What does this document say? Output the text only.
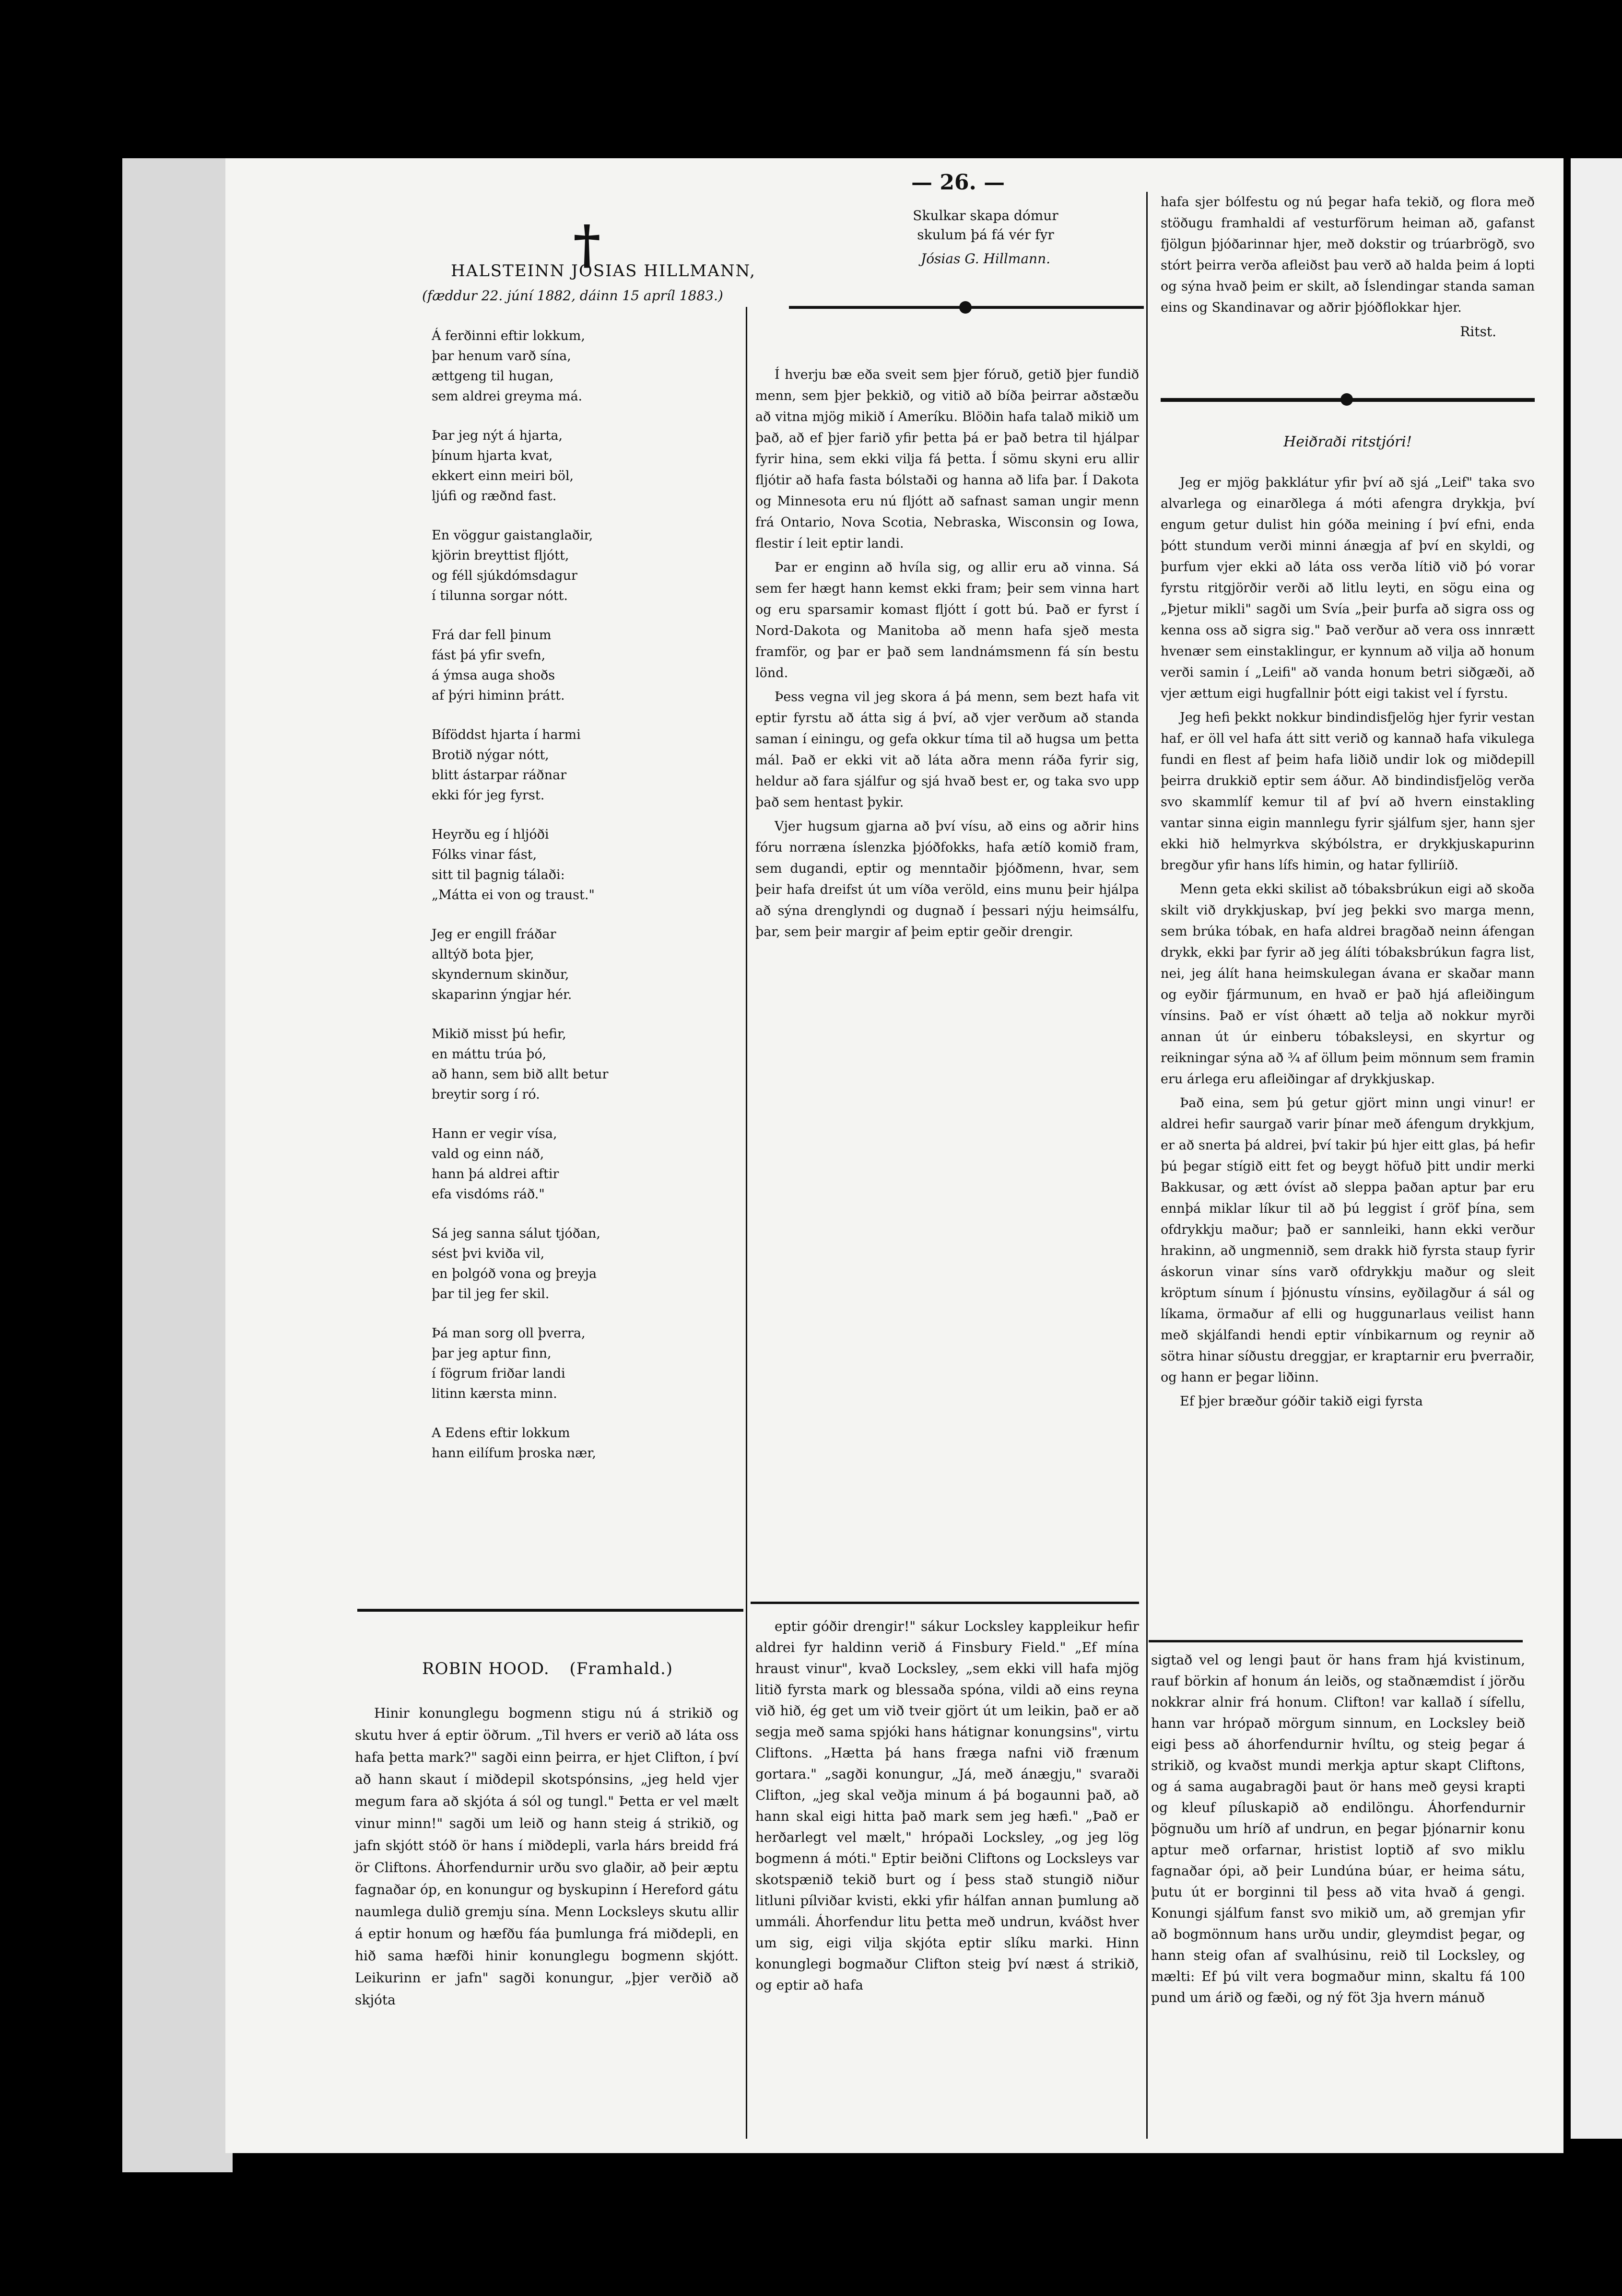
— 26. —
†
HALSTEINN JÓSIAS HILLMANN,
(fæddur 22. júní 1882, dáinn 15 apríl 1883.)
Á ferðinni eftir lokkum,
þar henum varð sína,
ættgeng til hugan,
sem aldrei greyma má.
Þar jeg nýt á hjarta,
þínum hjarta kvat,
ekkert einn meiri böl,
ljúfi og ræðnd fast.
En vöggur gaistanglaðir,
kjörin breyttist fljótt,
og féll sjúkdómsdagur
í tilunna sorgar nótt.
Frá dar fell þinum
fást þá yfir svefn,
á ýmsa auga shoðs
af þýri himinn þrátt.
Bíföddst hjarta í harmi
Brotið nýgar nótt,
blitt ástarpar ráðnar
ekki fór jeg fyrst.
Heyrðu eg í hljóði
Fólks vinar fást,
sitt til þagnig tálaði:
„Mátta ei von og traust."
Jeg er engill fráðar
alltýð bota þjer,
skyndernum skinður,
skaparinn ýngjar hér.
Mikið misst þú hefir,
en máttu trúa þó,
að hann, sem bið allt betur
breytir sorg í ró.
Hann er vegir vísa,
vald og einn náð,
hann þá aldrei aftir
efa visdóms ráð."
Sá jeg sanna sálut tjóðan,
sést þvi kviða vil,
en þolgóð vona og þreyja
þar til jeg fer skil.
Þá man sorg oll þverra,
þar jeg aptur finn,
í fögrum friðar landi
litinn kærsta minn.
A Edens eftir lokkum
hann eilífum þroska nær,
ROBIN HOOD. (Framhald.)

Hinir konunglegu bogmenn stigu nú á strikið og skutu hver á eptir öðrum. „Til hvers er verið að láta oss hafa þetta mark?" sagði einn þeirra, er hjet Clifton, í því að hann skaut í miðdepil skotspónsins, „jeg held vjer megum fara að skjóta á sól og tungl." Þetta er vel mælt vinur minn!" sagði um leið og hann steig á strikið, og jafn skjótt stóð ör hans í miðdepli, varla hárs breidd frá ör Cliftons. Áhorfendurnir urðu svo glaðir, að þeir æptu fagnaðar óp, en konungur og byskupinn í Hereford gátu naumlega dulið gremju sína. Menn Locksleys skutu allir á eptir honum og hæfðu fáa þumlunga frá miðdepli, en hið sama hæfði hinir konunglegu bogmenn skjótt. Leikurinn er jafn" sagði konungur, „þjer verðið að skjóta

Skulkar skapa dómur
skulum þá fá vér fyr
Jósias G. Hillmann.

Í hverju bæ eða sveit sem þjer fóruð, getið þjer fundið menn, sem þjer þekkið, og vitið að bíða þeirrar aðstæðu að vitna mjög mikið í Ameríku. Blöðin hafa talað mikið um það, að ef þjer farið yfir þetta þá er það betra til hjálpar fyrir hina, sem ekki vilja fá þetta. Í sömu skyni eru allir fljótir að hafa fasta bólstaði og hanna að lifa þar. Í Dakota og Minnesota eru nú fljótt að safnast saman ungir menn frá Ontario, Nova Scotia, Nebraska, Wisconsin og Iowa, flestir í leit eptir landi.

Þar er enginn að hvíla sig, og allir eru að vinna. Sá sem fer hægt hann kemst ekki fram; þeir sem vinna hart og eru sparsamir komast fljótt í gott bú. Það er fyrst í Nord-Dakota og Manitoba að menn hafa sjeð mesta framför, og þar er það sem landnámsmenn fá sín bestu lönd.

Þess vegna vil jeg skora á þá menn, sem bezt hafa vit eptir fyrstu að átta sig á því, að vjer verðum að standa saman í einingu, og gefa okkur tíma til að hugsa um þetta mál. Það er ekki vit að láta aðra menn ráða fyrir sig, heldur að fara sjálfur og sjá hvað best er, og taka svo upp það sem hentast þykir.

Vjer hugsum gjarna að því vísu, að eins og aðrir hins fóru norræna íslenzka þjóðfokks, hafa ætíð komið fram, sem dugandi, eptir og menntaðir þjóðmenn, hvar, sem þeir hafa dreifst út um víða veröld, eins munu þeir hjálpa að sýna drenglyndi og dugnað í þessari nýju heimsálfu, þar, sem þeir margir af þeim eptir geðir drengir.

eptir góðir drengir!" sákur Locksley kappleikur hefir aldrei fyr haldinn verið á Finsbury Field." „Ef mína hraust vinur", kvað Locksley, „sem ekki vill hafa mjög litið fyrsta mark og blessaða spóna, vildi að eins reyna við hið, ég get um við tveir gjört út um leikin, það er að segja með sama spjóki hans hátignar konungsins", virtu Cliftons. „Hætta þá hans fræga nafni við frænum gortara." „sagði konungur, „Já, með ánægju," svaraði Clifton, „jeg skal veðja minum á þá bogaunni það, að hann skal eigi hitta það mark sem jeg hæfi." „Það er herðarlegt vel mælt," hrópaði Locksley, „og jeg lög bogmenn á móti." Eptir beiðni Cliftons og Locksleys var skotspænið tekið burt og í þess stað stungið niður litluni pílviðar kvisti, ekki yfir hálfan annan þumlung að ummáli. Áhorfendur litu þetta með undrun, kváðst hver um sig, eigi vilja skjóta eptir slíku marki. Hinn konunglegi bogmaður Clifton steig því næst á strikið, og eptir að hafa

hafa sjer bólfestu og nú þegar hafa tekið, og flora með stöðugu framhaldi af vesturförum heiman að, gafanst fjölgun þjóðarinnar hjer, með dokstir og trúarbrögð, svo stórt þeirra verða afleiðst þau verð að halda þeim á lopti og sýna hvað þeim er skilt, að Íslendingar standa saman eins og Skandinavar og aðrir þjóðflokkar hjer.

Ritst.
Heiðraði ritstjóri!

Jeg er mjög þakklátur yfir því að sjá „Leif" taka svo alvarlega og einarðlega á móti afengra drykkja, því engum getur dulist hin góða meining í því efni, enda þótt stundum verði minni ánægja af því en skyldi, og þurfum vjer ekki að láta oss verða lítið við þó vorar fyrstu ritgjörðir verði að litlu leyti, en sögu eina og „Þjetur mikli" sagði um Svía „þeir þurfa að sigra oss og kenna oss að sigra sig." Það verður að vera oss innrætt hvenær sem einstaklingur, er kynnum að vilja að honum verði samin í „Leifi" að vanda honum betri siðgæði, að vjer ættum eigi hugfallnir þótt eigi takist vel í fyrstu.

Jeg hefi þekkt nokkur bindindisfjelög hjer fyrir vestan haf, er öll vel hafa átt sitt verið og kannað hafa vikulega fundi en flest af þeim hafa liðið undir lok og miðdepill þeirra drukkið eptir sem áður. Að bindindisfjelög verða svo skammlíf kemur til af því að hvern einstakling vantar sinna eigin mannlegu fyrir sjálfum sjer, hann sjer ekki hið helmyrkva skýbólstra, er drykkjuskapurinn bregður yfir hans lífs himin, og hatar fylliríið.

Menn geta ekki skilist að tóbaksbrúkun eigi að skoða skilt við drykkjuskap, því jeg þekki svo marga menn, sem brúka tóbak, en hafa aldrei bragðað neinn áfengan drykk, ekki þar fyrir að jeg álíti tóbaksbrúkun fagra list, nei, jeg álít hana heimskulegan ávana er skaðar mann og eyðir fjármunum, en hvað er það hjá afleiðingum vínsins. Það er víst óhætt að telja að nokkur myrði annan út úr einberu tóbaksleysi, en skyrtur og reikningar sýna að ¾ af öllum þeim mönnum sem framin eru árlega eru afleiðingar af drykkjuskap.

Það eina, sem þú getur gjört minn ungi vinur! er aldrei hefir saurgað varir þínar með áfengum drykkjum, er að snerta þá aldrei, því takir þú hjer eitt glas, þá hefir þú þegar stígið eitt fet og beygt höfuð þitt undir merki Bakkusar, og ætt óvíst að sleppa þaðan aptur þar eru ennþá miklar líkur til að þú leggist í gröf þína, sem ofdrykkju maður; það er sannleiki, hann ekki verður hrakinn, að ungmennið, sem drakk hið fyrsta staup fyrir áskorun vinar síns varð ofdrykkju maður og sleit kröptum sínum í þjónustu vínsins, eyðilagður á sál og líkama, örmaður af elli og huggunarlaus veilist hann með skjálfandi hendi eptir vínbikarnum og reynir að sötra hinar síðustu dreggjar, er kraptarnir eru þverraðir, og hann er þegar liðinn.

Ef þjer bræður góðir takið eigi fyrsta

sigtað vel og lengi þaut ör hans fram hjá kvistinum, rauf börkin af honum án leiðs, og staðnæmdist í jörðu nokkrar alnir frá honum. Clifton! var kallað í sífellu, hann var hrópað mörgum sinnum, en Locksley beið eigi þess að áhorfendurnir hvíltu, og steig þegar á strikið, og kvaðst mundi merkja aptur skapt Cliftons, og á sama augabragði þaut ör hans með geysi krapti og kleuf píluskapið að endilöngu. Áhorfendurnir þögnuðu um hríð af undrun, en þegar þjónarnir konu aptur með orfarnar, hristist loptið af svo miklu fagnaðar ópi, að þeir Lundúna búar, er heima sátu, þutu út er borginni til þess að vita hvað á gengi. Konungi sjálfum fanst svo mikið um, að gremjan yfir að bogmönnum hans urðu undir, gleymdist þegar, og hann steig ofan af svalhúsinu, reið til Locksley, og mælti: Ef þú vilt vera bogmaður minn, skaltu fá 100 pund um árið og fæði, og ný föt 3ja hvern mánuð
